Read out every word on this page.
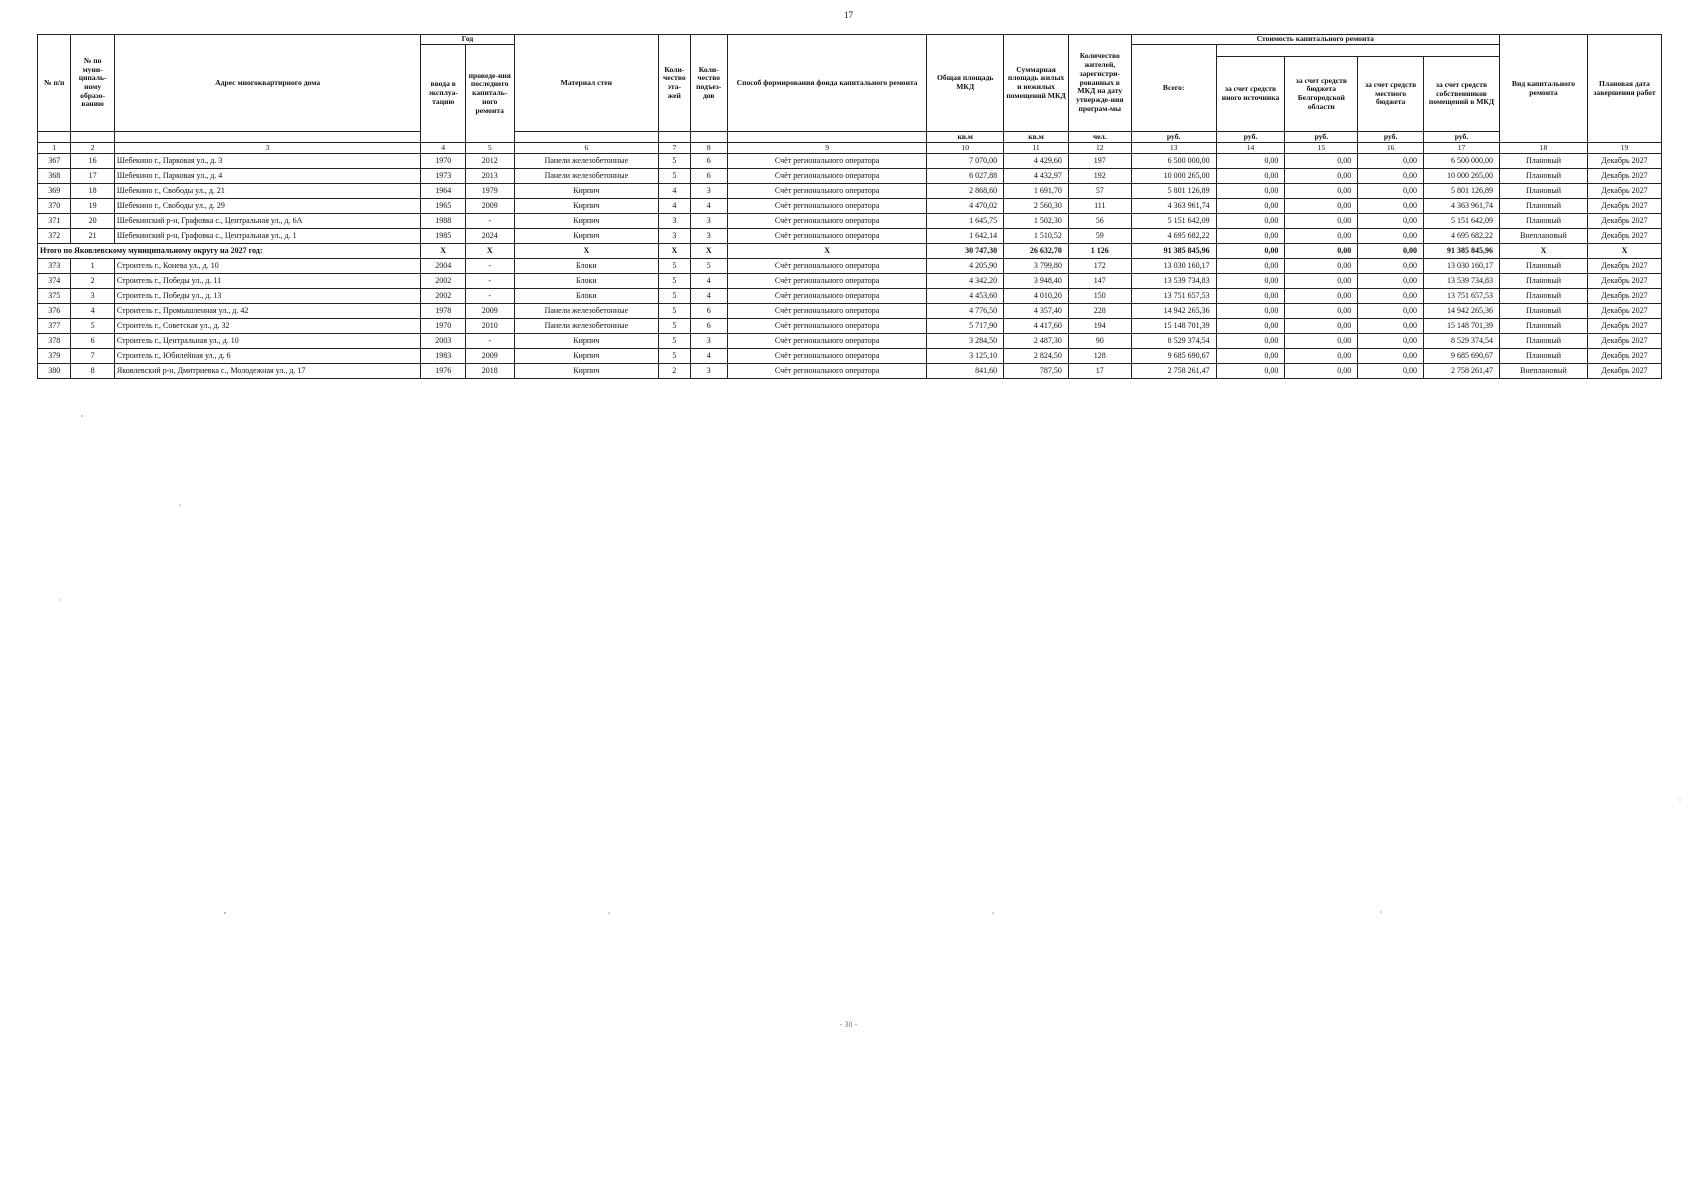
17
№ п/п	№ по муни-ципаль-ному образо-ванию	Адрес многоквартирного дома	Год		Материал стен	Коли-чество эта-жей	Коли-чество подъез-дов	Способ формирования фонда капитального ремонта	Общая площадь МКД	Суммарная площадь жилых и нежилых помещений МКД	Количество жителей, зарегистри-рованных в МКД на дату утвержде-ния програм-мы	Стоимость капитального ремонта					Вид капитального ремонта	Плановая дата завершения работ
			ввода в эксплуа-тацию	проведе-ния последнего капиталь-ного ремонта								Всего:						
													за счет средств иного источника	за счет средств бюджета Белгородской области	за счет средств местного бюджета	за счет средств собственников помещений в МКД		
									кв.м	кв.м	чел.	руб.	руб.	руб.	руб.	руб.		
1	2	3	4	5	6	7	8	9	10	11	12	13	14	15	16	17	18	19
367	16	Шебекино г., Парковая ул., д. 3	1970	2012	Панели железобетонные	5	6	Счёт регионального оператора	7 070,00	4 429,60	197	6 500 000,00	0,00	0,00	0,00	6 500 000,00	Плановый	Декабрь 2027
368	17	Шебекино г., Парковая ул., д. 4	1973	2013	Панели железобетонные	5	6	Счёт регионального оператора	6 027,88	4 432,97	192	10 000 265,00	0,00	0,00	0,00	10 000 265,00	Плановый	Декабрь 2027
369	18	Шебекино г., Свободы ул., д. 21	1964	1979	Кирпич	4	3	Счёт регионального оператора	2 868,60	1 691,70	57	5 801 126,89	0,00	0,00	0,00	5 801 126,89	Плановый	Декабрь 2027
370	19	Шебекино г., Свободы ул., д. 29	1965	2009	Кирпич	4	4	Счёт регионального оператора	4 470,02	2 560,30	111	4 363 961,74	0,00	0,00	0,00	4 363 961,74	Плановый	Декабрь 2027
371	20	Шебекинский р-н, Графовка с., Центральная ул., д. 6А	1988	-	Кирпич	3	3	Счёт регионального оператора	1 645,75	1 502,30	56	5 151 642,09	0,00	0,00	0,00	5 151 642,09	Плановый	Декабрь 2027
372	21	Шебекинский р-н, Графовка с., Центральная ул., д. 1	1985	2024	Кирпич	3	3	Счёт регионального оператора	1 642,14	1 510,52	59	4 695 682,22	0,00	0,00	0,00	4 695 682,22	Внеплановый	Декабрь 2027
Итого по Яковлевскому муниципальному округу на 2027 год:			X	X	X	X	X	X	30 747,30	26 632,70	1 126	91 385 845,96	0,00	0,00	0,00	91 385 845,96	X	X
373	1	Строитель г., Конева ул., д. 10	2004	-	Блоки	5	5	Счёт регионального оператора	4 205,90	3 799,80	172	13 030 160,17	0,00	0,00	0,00	13 030 160,17	Плановый	Декабрь 2027
374	2	Строитель г., Победы ул., д. 11	2002	-	Блоки	5	4	Счёт регионального оператора	4 342,20	3 948,40	147	13 539 734,83	0,00	0,00	0,00	13 539 734,83	Плановый	Декабрь 2027
375	3	Строитель г., Победы ул., д. 13	2002	-	Блоки	5	4	Счёт регионального оператора	4 453,60	4 010,20	150	13 751 657,53	0,00	0,00	0,00	13 751 657,53	Плановый	Декабрь 2027
376	4	Строитель г., Промышленная ул., д. 42	1978	2009	Панели железобетонные	5	6	Счёт регионального оператора	4 776,50	4 357,40	228	14 942 265,36	0,00	0,00	0,00	14 942 265,36	Плановый	Декабрь 2027
377	5	Строитель г., Советская ул., д. 32	1970	2010	Панели железобетонные	5	6	Счёт регионального оператора	5 717,90	4 417,60	194	15 148 701,39	0,00	0,00	0,00	15 148 701,39	Плановый	Декабрь 2027
378	6	Строитель г., Центральная ул., д. 10	2003	-	Кирпич	5	3	Счёт регионального оператора	3 284,50	2 487,30	90	8 529 374,54	0,00	0,00	0,00	8 529 374,54	Плановый	Декабрь 2027
379	7	Строитель г., Юбилейная ул., д. 6	1983	2009	Кирпич	5	4	Счёт регионального оператора	3 125,10	2 824,50	128	9 685 690,67	0,00	0,00	0,00	9 685 690,67	Плановый	Декабрь 2027
380	8	Яковлевский р-н, Дмитриевка с., Молодежная ул., д. 17	1976	2018	Кирпич	2	3	Счёт регионального оператора	841,60	787,50	17	2 758 261,47	0,00	0,00	0,00	2 758 261,47	Внеплановый	Декабрь 2027
- 30 -
